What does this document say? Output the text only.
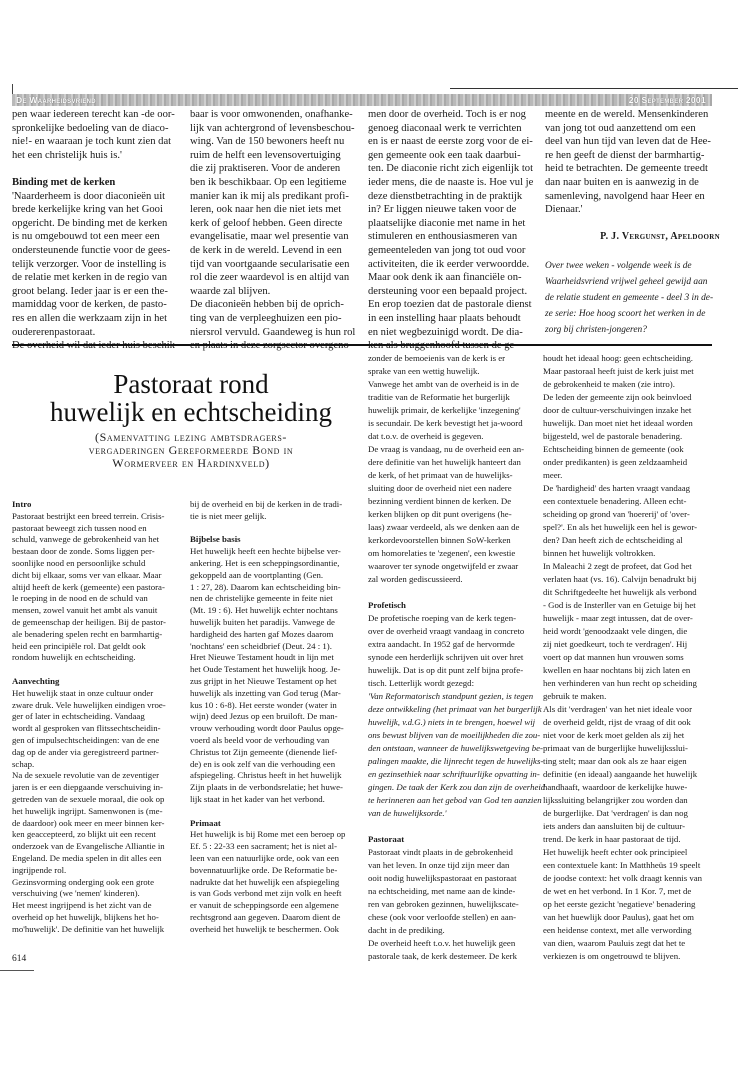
De Waarheidsvriend	20 September 2001
pen waar iedereen terecht kan -de oor-
spronkelijke bedoeling van de diaco-
nie!- en waaraan je toch kunt zien dat
het een christelijk huis is.'
Binding met de kerken
'Naarderheem is door diaconieën uit
brede kerkelijke kring van het Gooi
opgericht. De binding met de kerken
is nu omgebouwd tot een meer een
ondersteunende functie voor de gees-
telijk verzorger. Voor de instelling is
de relatie met kerken in de regio van
groot belang. Ieder jaar is er een the-
mamiddag voor de kerken, de pasto-
res en allen die werkzaam zijn in het
oudererenpastoraat.

baar is voor omwonenden, onafhanke-
lijk van achtergrond of levensbeschou-
wing. Van de 150 bewoners heeft nu
ruim de helft een levensovertuiging
die zij praktiseren. Voor de anderen
ben ik beschikbaar. Op een legitieme
manier kan ik mij als predikant profi-
leren, ook naar hen die niet iets met
kerk of geloof hebben. Geen directe
evangelisatie, maar wel presentie van
de kerk in de wereld. Levend in een
tijd van voortgaande secularisatie een
rol die zeer waardevol is en altijd van
waarde zal blijven.
De diaconieën hebben bij de oprich-
ting van de verpleeghuizen een pio-
niersrol vervuld. Gaandeweg is hun rol

men door de overheid. Toch is er nog
genoeg diaconaal werk te verrichten
en is er naast de eerste zorg voor de ei-
gen gemeente ook een taak daarbui-
ten. De diaconie richt zich eigenlijk tot
ieder mens, die de naaste is. Hoe vul je
deze dienstbetrachting in de praktijk
in? Er liggen nieuwe taken voor de
plaatselijke diaconie met name in het
stimuleren en enthousiasmeren van
gemeenteleden van jong tot oud voor
activiteiten, die ik eerder verwoordde.
Maar ook denk ik aan financiële on-
dersteuning voor een bepaald project.
En erop toezien dat de pastorale dienst
in een instelling haar plaats behoudt
en niet wegbezuinigd wordt. De dia-

meente en de wereld. Mensenkinderen
van jong tot oud aanzettend om een
deel van hun tijd van leven dat de Hee-
re hen geeft de dienst der barmhartig-
heid te betrachten. De gemeente treedt
dan naar buiten en is aanwezig in de
samenleving, navolgend haar Heer en
Dienaar.'
P. J. Vergunst, Apeldoorn
Over twee weken - volgende week is de
Waarheidsvriend vrijwel geheel gewijd aan
de relatie student en gemeente - deel 3 in de-
ze serie: Hoe hoog scoort het werken in de
zorg bij christen-jongeren?
Pastoraat rond
huwelijk en echtscheiding
(Samenvatting lezing ambtsdragers-
vergaderingen Gereformeerde Bond in
Wormerveer en Hardinxveld)
Intro
Pastoraat bestrijkt een breed terrein. Crisis-
pastoraat beweegt zich tussen nood en
schuld, vanwege de gebrokenheid van het
bestaan door de zonde. Soms liggen per-
soonlijke nood en persoonlijke schuld
dicht bij elkaar, soms ver van elkaar. Maar
altijd heeft de kerk (gemeente) een pastora-
le roeping in de nood en de schuld van
mensen, zowel vanuit het ambt als vanuit
de gemeenschap der heiligen. Bij de pastor-
ale benadering spelen recht en barmhartig-
heid een principiële rol. Dat geldt ook
rondom huwelijk en echtscheiding.
Aanvechting
Het huwelijk staat in onze cultuur onder
zware druk. Vele huwelijken eindigen vroe-
ger of later in echtscheiding. Vandaag
wordt al gesproken van flitssechtscheidin-
gen of impulsechtscheidingen: van de ene
dag op de ander via geregistreerd partner-
schap.
Na de sexuele revolutie van de zeventiger
jaren is er een diepgaande verschuiving in-
getreden van de sexuele moraal, die ook op
het huwelijk ingrijpt. Samenwonen is (me-
de daardoor) ook meer en meer binnen ker-
ken geaccepteerd, zo blijkt uit een recent
onderzoek van de Evangelische Alliantie in
Engeland. De media spelen in dit alles een
ingrijpende rol.
Gezinsvorming onderging ook een grote
verschuiving (we 'nemen' kinderen).
Het meest ingrijpend is het zicht van de
overheid op het huwelijk, blijkens het ho-
mo'huwelijk'. De definitie van het huwelijk
bij de overheid en bij de kerken in de tradi-
tie is niet meer gelijk.
Bijbelse basis
Het huwelijk heeft een hechte bijbelse ver-
ankering. Het is een scheppingsordinantie,
gekoppeld aan de voortplanting (Gen.
1 : 27, 28). Daarom kan echtscheiding bin-
nen de christelijke gemeente in feite niet
(Mt. 19 : 6). Het huwelijk echter nochtans
huwelijk buiten het paradijs. Vanwege de
hardigheid des harten gaf Mozes daarom
'nochtans' een scheidbrief (Deut. 24 : 1).
Hret Nieuwe Testament houdt in lijn met
het Oude Testament het huwelijk hoog. Je-
zus grijpt in het Nieuwe Testament op het
huwelijk als inzetting van God terug (Mar-
kus 10 : 6-8). Het eerste wonder (water in
wijn) deed Jezus op een bruiloft. De man-
vrouw verhouding wordt door Paulus opge-
voerd als beeld voor de verhouding van
Christus tot Zijn gemeente (dienende lief-
de) en is ook zelf van die verhouding een
afspiegeling. Christus heeft in het huwelijk
Zijn plaats in de verbondsrelatie; het huwe-
lijk staat in het kader van het verbond.
Primaat
Het huwelijk is bij Rome met een beroep op
Ef. 5 : 22-33 een sacrament; het is niet al-
leen van een natuurlijke orde, ook van een
bovennatuurlijke orde. De Reformatie be-
nadrukte dat het huwelijk een afspiegeling
is van Gods verbond met zijn volk en heeft
er vanuit de scheppingsorde een algemene
rechtsgrond aan gegeven. Daarom dient de
overheid het huwelijk te beschermen. Ook
zonder de bemoeienis van de kerk is er
sprake van een wettig huwelijk.
Vanwege het ambt van de overheid is in de
traditie van de Reformatie het burgerlijk
huwelijk primair, de kerkelijke 'inzegening'
is secundair. De kerk bevestigt het ja-woord
dat t.o.v. de overheid is gegeven.
De vraag is vandaag, nu de overheid een an-
dere definitie van het huwelijk hanteert dan
de kerk, of het primaat van de huwelijks-
sluiting door de overheid niet een nadere
bezinning verdient binnen de kerken. De
kerken blijken op dit punt overigens (he-
laas) zwaar verdeeld, als we denken aan de
kerkordevoorstellen binnen SoW-kerken
om homorelaties te 'zegenen', een kwestie
waarover ter synode ongetwijfeld er zwaar
zal worden gediscussieerd.
Profetisch
De profetische roeping van de kerk tegen-
over de overheid vraagt vandaag in concreto
extra aandacht. In 1952 gaf de hervormde
synode een herderlijk schrijven uit over hret
huwelijk. Dat is op dit punt zelf bijna profe-
tisch. Letterlijk wordt gezegd:
'Van Reformatorisch standpunt gezien, is tegen
deze ontwikkeling (het primaat van het burgerlijk
huwelijk, v.d.G.) niets in te brengen, hoewel wij
ons bewust blijven van de moeilijkheden die zou-
den ontstaan, wanneer de huwelijkswetgeving be-
palingen maakte, die lijnrecht tegen de huwelijks-
en gezinsethiek naar schriftuurlijke opvatting in-
gingen. De taak der Kerk zou dan zijn de overheid
te herinneren aan het gebod van God ten aanzien
van de huwelijksorde.'
Pastoraat
Pastoraat vindt plaats in de gebrokenheid
van het leven. In onze tijd zijn meer dan
ooit nodig huwelijkspastoraat en pastoraat
na echtscheiding, met name aan de kinde-
ren van gebroken gezinnen, huwelijkscate-
chese (ook voor verloofde stellen) en aan-
dacht in de prediking.
De overheid heeft t.o.v. het huwelijk geen
pastorale taak, de kerk destemeer. De kerk
houdt het ideaal hoog: geen echtscheiding.
Maar pastoraal heeft juist de kerk juist met
de gebrokenheid te maken (zie intro).
De leden der gemeente zijn ook beinvloed
door de cultuur-verschuivingen inzake het
huwelijk. Dan moet niet het ideaal worden
bijgesteld, wel de pastorale benadering.
Echtscheiding binnen de gemeente (ook
onder predikanten) is geen zeldzaamheid
meer.
De 'hardigheid' des harten vraagt vandaag
een contextuele benadering. Alleen echt-
scheiding op grond van 'hoererij' of 'over-
spel?'. En als het huwelijk een hel is gewor-
den? Dan heeft zich de echtscheiding al
binnen het huwelijk voltrokken.
In Maleachi 2 zegt de profeet, dat God het
verlaten haat (vs. 16). Calvijn benadrukt bij
dit Schriftgedeelte het huwelijk als verbond
- God is de Insterller van en Getuige bij het
huwelijk - maar zegt intussen, dat de over-
heid wordt 'genoodzaakt vele dingen, die
zij niet goedkeurt, toch te verdragen'. Hij
voert op dat mannen hun vrouwen soms
kwellen en haar nochtans bij zich laten en
hen verhinderen van hun recht op scheiding
gebruik te maken.
Als dit 'verdragen' van het niet ideale voor
de overheid geldt, rijst de vraag of dit ook
niet voor de kerk moet gelden als zij het
primaat van de burgerlijke huwelijksslui-
ting stelt; maar dan ook als ze haar eigen
definitie (en ideaal) aangaande het huwelijk
handhaaft, waardoor de kerkelijke huwe-
lijkssluiting belangrijker zou worden dan
de burgerlijke. Dat 'verdragen' is dan nog
iets anders dan aansluiten bij de cultuur-
trend. De kerk in haar pastoraat de tijd.
Het huwelijk heeft echter ook principieel
een contextuele kant: In Matthheüs 19 speelt
de joodse context: het volk draagt kennis van
de wet en het verbond. In 1 Kor. 7, met de
op het eerste gezicht 'negatieve' benadering
van het huewlijk door Paulus), gaat het om
een heidense context, met alle verwording
van dien, waarom Pauluis zegt dat het te
verkiezen is om ongetrouwd te blijven.
614
